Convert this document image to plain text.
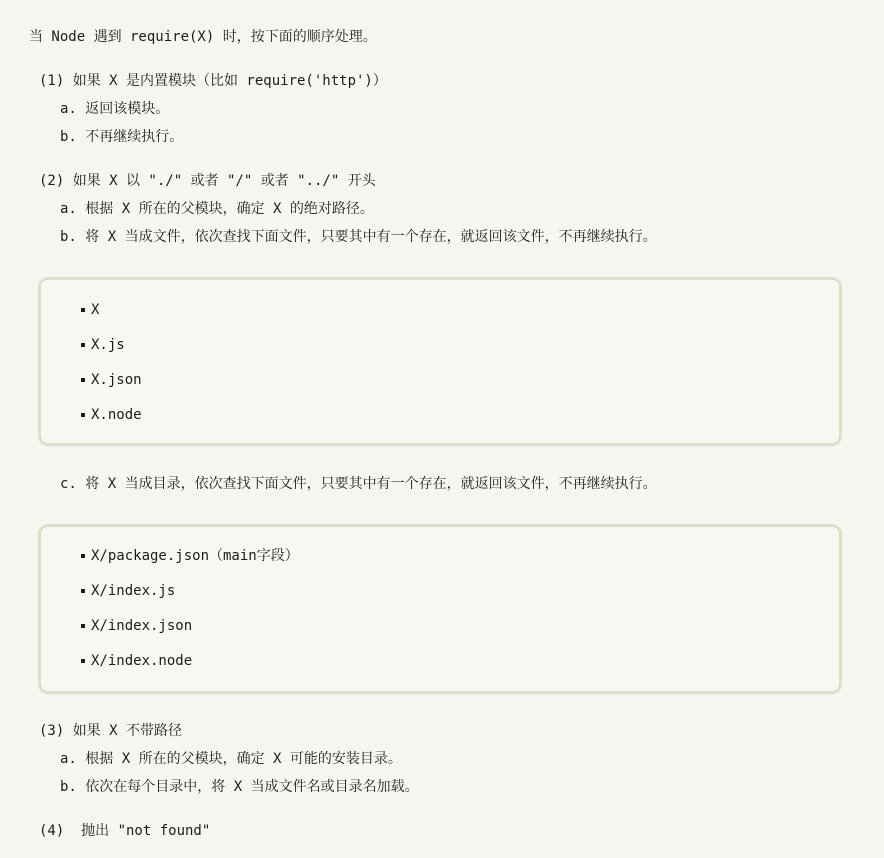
当 Node 遇到 require(X) 时，按下面的顺序处理。
(1) 如果 X 是内置模块（比如 require('http')）
a. 返回该模块。
b. 不再继续执行。
(2) 如果 X 以 "./" 或者 "/" 或者 "../" 开头
a. 根据 X 所在的父模块，确定 X 的绝对路径。
b. 将 X 当成文件，依次查找下面文件，只要其中有一个存在，就返回该文件，不再继续执行。
X
X.js
X.json
X.node
c. 将 X 当成目录，依次查找下面文件，只要其中有一个存在，就返回该文件，不再继续执行。
X/package.json（main字段）
X/index.js
X/index.json
X/index.node
(3) 如果 X 不带路径
a. 根据 X 所在的父模块，确定 X 可能的安装目录。
b. 依次在每个目录中，将 X 当成文件名或目录名加载。
(4)  抛出 "not found"
